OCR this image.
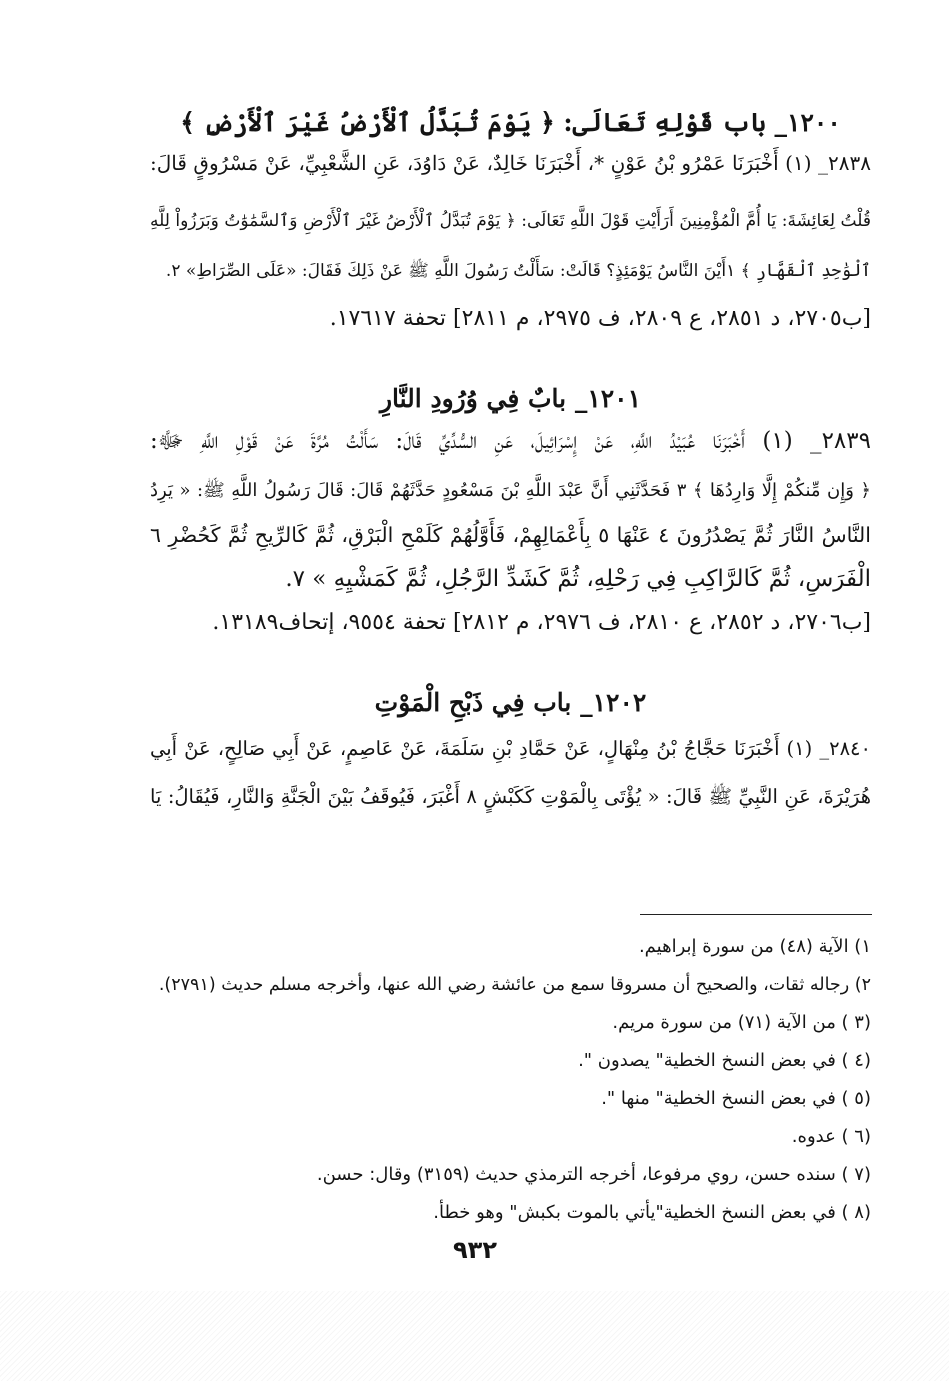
١٢٠٠_ باب قَوْلِهِ تَعَالَى: ﴿ يَوْمَ تُبَدَّلُ ٱلْأَرْضُ غَيْرَ ٱلْأَرْضِ ﴾
٢٨٣٨_ (١) أَخْبَرَنَا عَمْرُو بْنُ عَوْنٍ *، أَخْبَرَنَا خَالِدٌ، عَنْ دَاوُدَ، عَنِ الشَّعْبِيِّ، عَنْ مَسْرُوقٍ قَالَ:
قُلْتُ لِعَائِشَةَ: يَا أُمَّ الْمُؤْمِنِينَ أَرَأَيْتِ قَوْلَ اللَّهِ تَعَالَى: ﴿ يَوْمَ تُبَدَّلُ ٱلْأَرْضُ غَيْرَ ٱلْأَرْضِ وَٱلسَّمَٰوَٰتُ وَبَرَزُواْ لِلَّهِ
ٱلْوَٰحِدِ ٱلْقَهَّارِ ﴾ ١أَيْنَ النَّاسُ يَوْمَئِذٍ؟ قَالَتْ: سَأَلْتُ رَسُولَ اللَّهِ ﷺ عَنْ ذَلِكَ فَقَالَ: «عَلَى الصِّرَاطِ» ٢.
[ب٢٧٠٥، د ٢٨٥١، ع ٢٨٠٩، ف ٢٩٧٥، م ٢٨١١] تحفة ١٧٦١٧.
١٢٠١_ بابٌ فِي وُرُودِ النَّارِ
٢٨٣٩_ (١) أَخْبَرَنَا عُبَيْدُ اللَّهِ، عَنْ إِسْرَائِيلَ، عَنِ السُّدِّيِّ قَالَ: سَأَلْتُ مُرَّةَ عَنْ قَوْلِ اللَّهِ ﷻ:
﴿ وَإِن مِّنكُمْ إِلَّا وَارِدُهَا ﴾ ٣ فَحَدَّثَنِي أَنَّ عَبْدَ اللَّهِ بْنَ مَسْعُودٍ حَدَّثَهُمْ قَالَ: قَالَ رَسُولُ اللَّهِ ﷺ: « يَرِدُ
النَّاسُ النَّارَ ثُمَّ يَصْدُرُونَ ٤ عَنْهَا ٥ بِأَعْمَالِهِمْ، فَأَوَّلُهُمْ كَلَمْحِ الْبَرْقِ، ثُمَّ كَالرِّيحِ ثُمَّ كَحُضْرِ ٦
الْفَرَسِ، ثُمَّ كَالرَّاكِبِ فِي رَحْلِهِ، ثُمَّ كَشَدِّ الرَّجُلِ، ثُمَّ كَمَشْيِهِ » ٧.
[ب٢٧٠٦، د ٢٨٥٢، ع ٢٨١٠، ف ٢٩٧٦، م ٢٨١٢] تحفة ٩٥٥٤، إتحاف١٣١٨٩.
١٢٠٢_ باب فِي ذَبْحِ الْمَوْتِ
٢٨٤٠_ (١) أَخْبَرَنَا حَجَّاجُ بْنُ مِنْهَالٍ، عَنْ حَمَّادِ بْنِ سَلَمَةَ، عَنْ عَاصِمٍ، عَنْ أَبِي صَالِحٍ، عَنْ أَبِي
هُرَيْرَةَ، عَنِ النَّبِيِّ ﷺ قَالَ: « يُؤْتَى بِالْمَوْتِ كَكَبْشٍ ٨ أَغْبَرَ، فَيُوقَفُ بَيْنَ الْجَنَّةِ وَالنَّارِ، فَيُقَالُ: يَا
١) الآية (٤٨) من سورة إبراهيم.
٢) رجاله ثقات، والصحيح أن مسروقا سمع من عائشة رضي الله عنها، وأخرجه مسلم حديث (٢٧٩١).
(٣ ) من الآية (٧١) من سورة مريم.
(٤ ) في بعض النسخ الخطية" يصدون ".
(٥ ) في بعض النسخ الخطية" منها ".
(٦ ) عدوه.
(٧ ) سنده حسن، روي مرفوعا، أخرجه الترمذي حديث (٣١٥٩) وقال: حسن.
(٨ ) في بعض النسخ الخطية"يأتي بالموت بكبش" وهو خطأ.
٩٣٢
